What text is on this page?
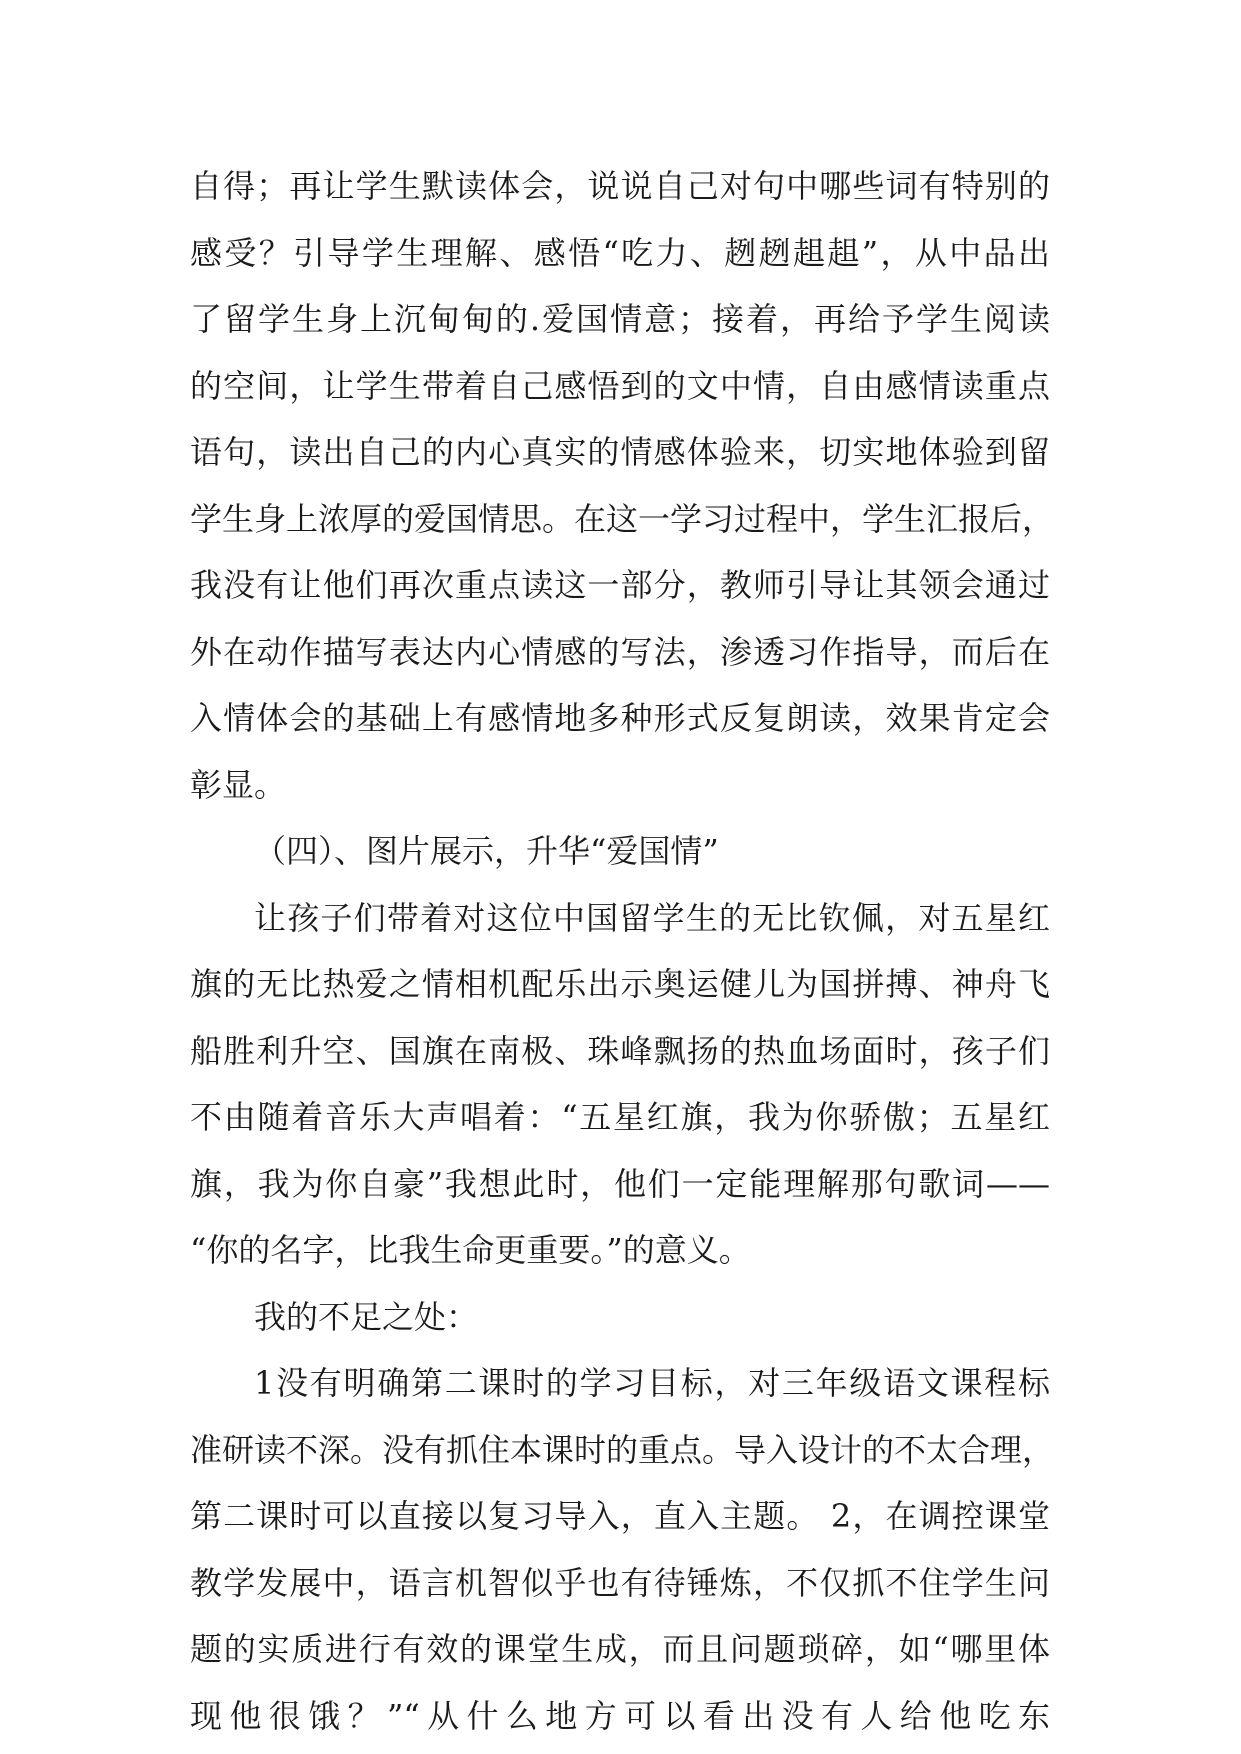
自得；再让学生默读体会，说说自己对句中哪些词有特别的
感受？引导学生理解、感悟“吃力、趔趔趄趄”，从中品出
了留学生身上沉甸甸的.爱国情意；接着，再给予学生阅读
的空间，让学生带着自己感悟到的文中情，自由感情读重点
语句，读出自己的内心真实的情感体验来，切实地体验到留
学生身上浓厚的爱国情思。在这一学习过程中，学生汇报后，
我没有让他们再次重点读这一部分，教师引导让其领会通过
外在动作描写表达内心情感的写法，渗透习作指导，而后在
入情体会的基础上有感情地多种形式反复朗读，效果肯定会
彰显。
（四）、图片展示，升华“爱国情”
让孩子们带着对这位中国留学生的无比钦佩，对五星红
旗的无比热爱之情相机配乐出示奥运健儿为国拼搏、神舟飞
船胜利升空、国旗在南极、珠峰飘扬的热血场面时，孩子们
不由随着音乐大声唱着：“五星红旗，我为你骄傲；五星红
旗，我为你自豪”我想此时，他们一定能理解那句歌词——
“你的名字，比我生命更重要。”的意义。
我的不足之处：
1没有明确第二课时的学习目标，对三年级语文课程标
准研读不深。没有抓住本课时的重点。导入设计的不太合理，
第二课时可以直接以复习导入，直入主题。 2，在调控课堂
教学发展中，语言机智似乎也有待锤炼，不仅抓不住学生问
题的实质进行有效的课堂生成，而且问题琐碎，如“哪里体
现他很饿？”“从什么地方可以看出没有人给他吃东
